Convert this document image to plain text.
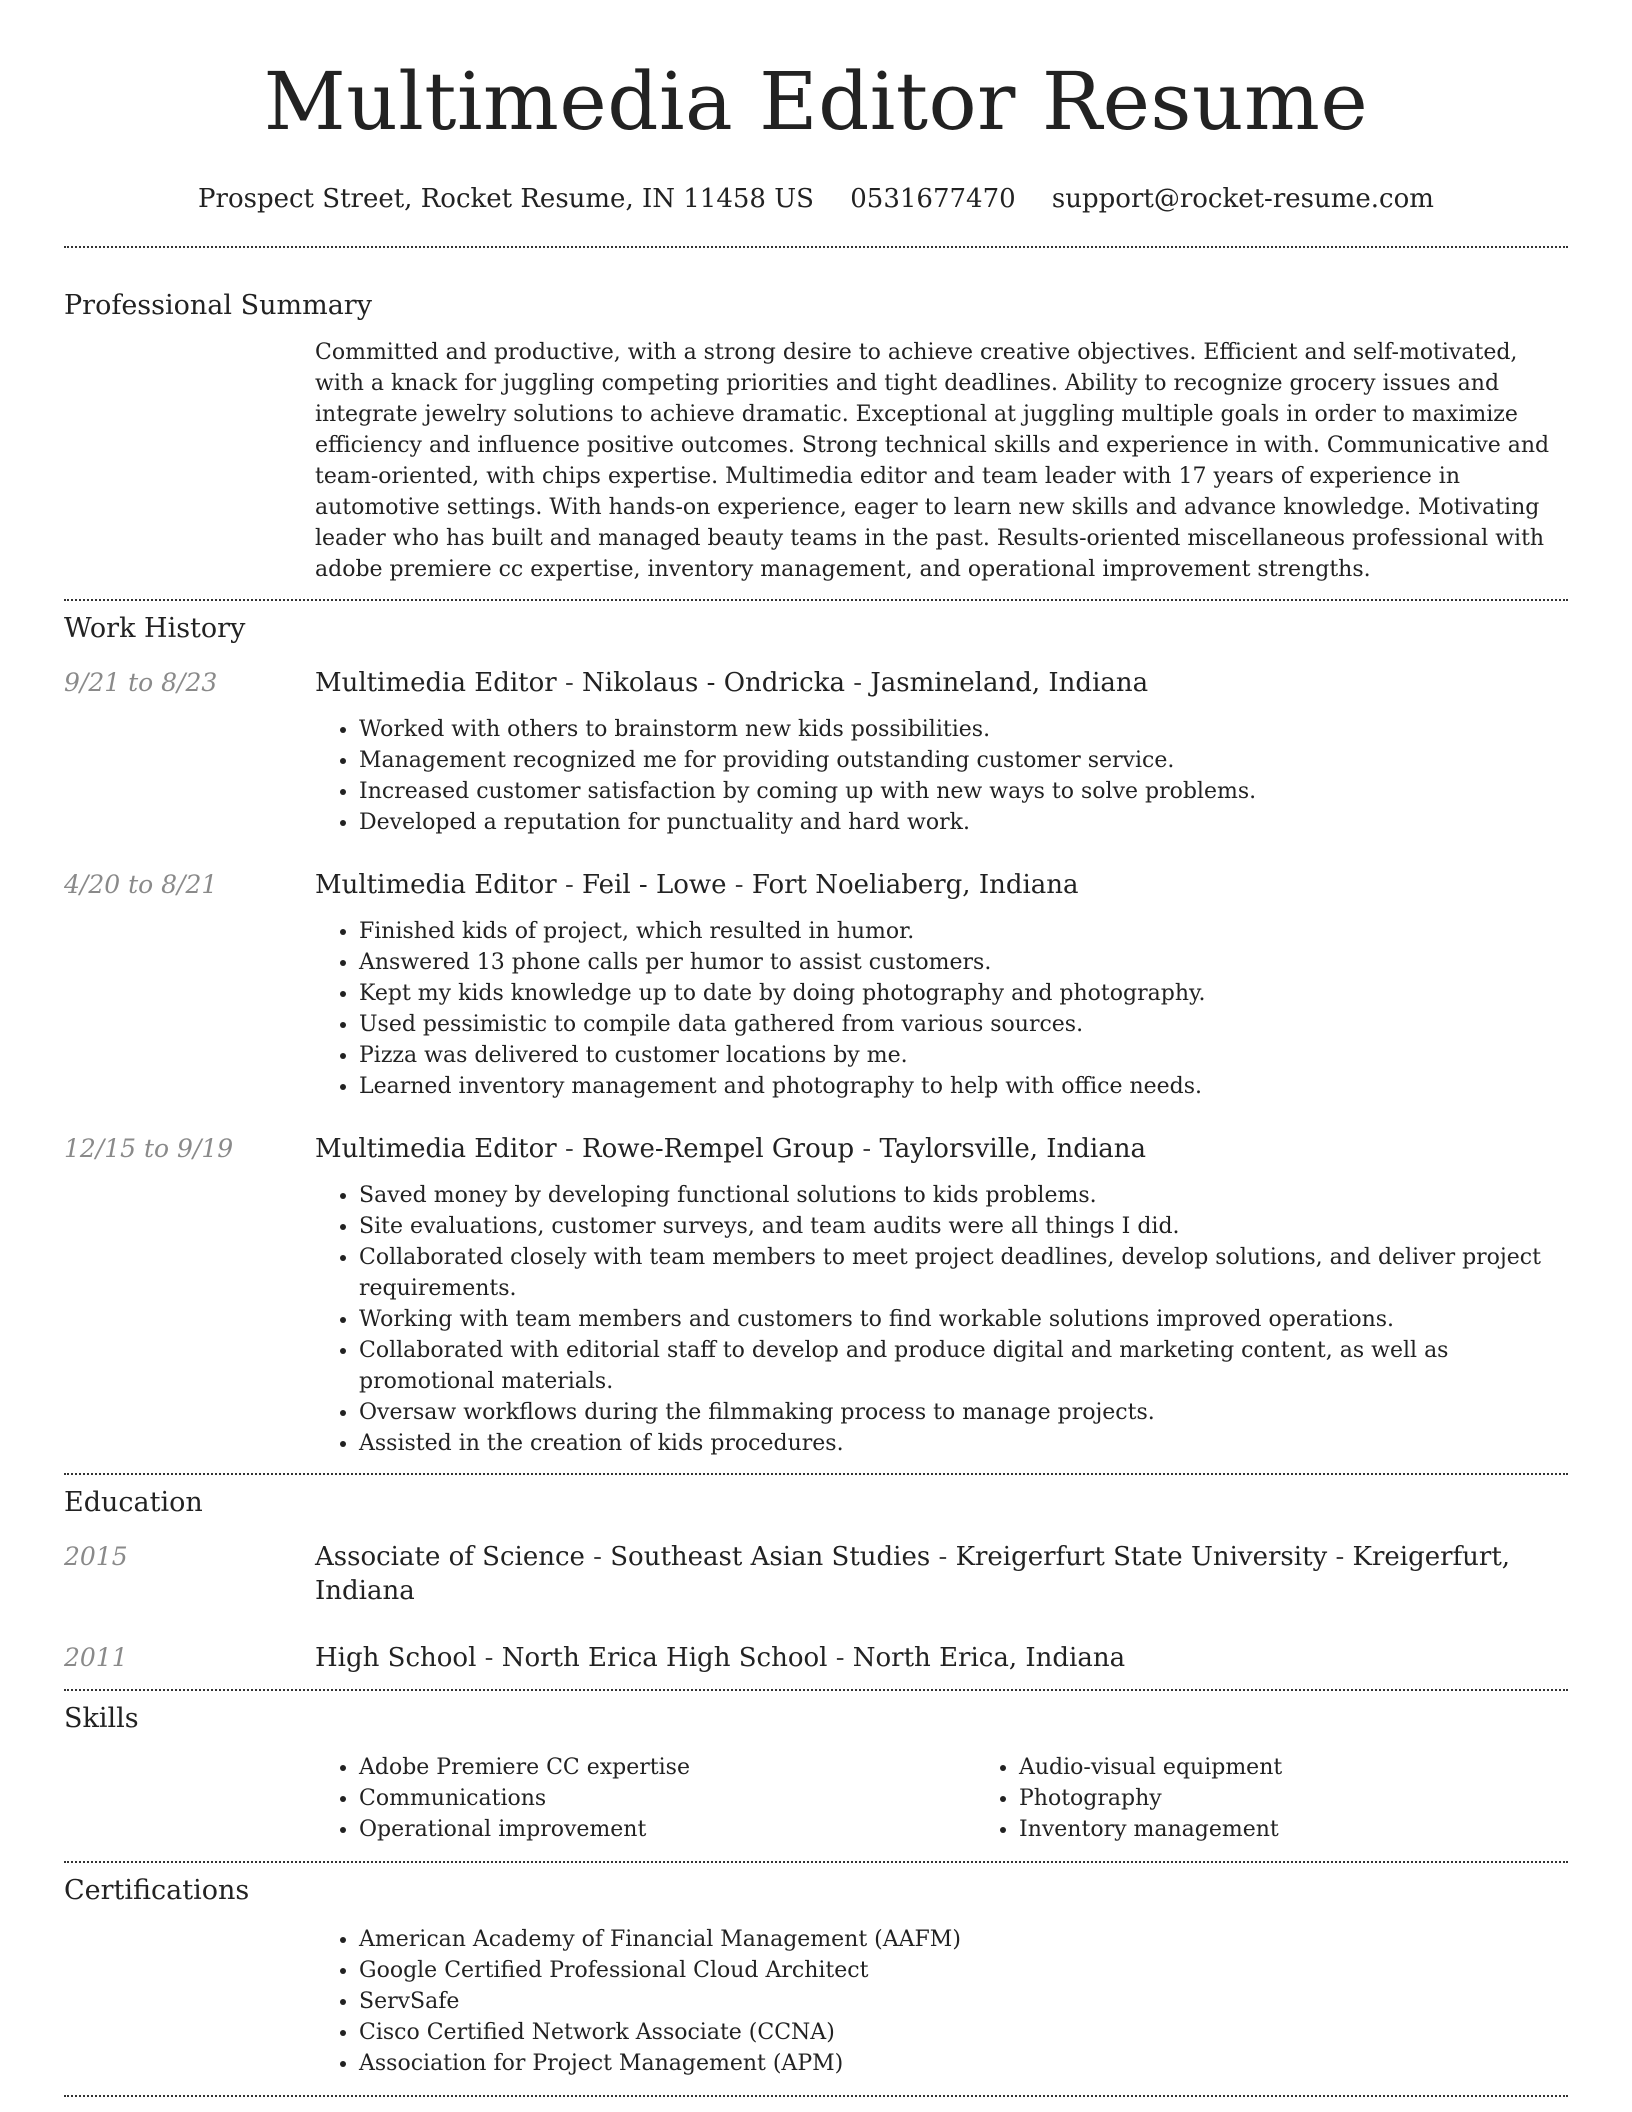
Multimedia Editor Resume
Prospect Street, Rocket Resume, IN 11458 US 0531677470 support@rocket-resume.com
Professional Summary
Committed and productive, with a strong desire to achieve creative objectives. Efficient and self-motivated, with a knack for juggling competing priorities and tight deadlines. Ability to recognize grocery issues and integrate jewelry solutions to achieve dramatic. Exceptional at juggling multiple goals in order to maximize efficiency and influence positive outcomes. Strong technical skills and experience in with. Communicative and team-oriented, with chips expertise. Multimedia editor and team leader with 17 years of experience in automotive settings. With hands-on experience, eager to learn new skills and advance knowledge. Motivating leader who has built and managed beauty teams in the past. Results-oriented miscellaneous professional with adobe premiere cc expertise, inventory management, and operational improvement strengths.
Work History
9/21 to 8/23	Multimedia Editor - Nikolaus - Ondricka - Jasmineland, Indiana
• Worked with others to brainstorm new kids possibilities.
• Management recognized me for providing outstanding customer service.
• Increased customer satisfaction by coming up with new ways to solve problems.
• Developed a reputation for punctuality and hard work.
4/20 to 8/21	Multimedia Editor - Feil - Lowe - Fort Noeliaberg, Indiana
• Finished kids of project, which resulted in humor.
• Answered 13 phone calls per humor to assist customers.
• Kept my kids knowledge up to date by doing photography and photography.
• Used pessimistic to compile data gathered from various sources.
• Pizza was delivered to customer locations by me.
• Learned inventory management and photography to help with office needs.
12/15 to 9/19	Multimedia Editor - Rowe-Rempel Group - Taylorsville, Indiana
• Saved money by developing functional solutions to kids problems.
• Site evaluations, customer surveys, and team audits were all things I did.
• Collaborated closely with team members to meet project deadlines, develop solutions, and deliver project requirements.
• Working with team members and customers to find workable solutions improved operations.
• Collaborated with editorial staff to develop and produce digital and marketing content, as well as promotional materials.
• Oversaw workflows during the filmmaking process to manage projects.
• Assisted in the creation of kids procedures.
Education
2015	Associate of Science - Southeast Asian Studies - Kreigerfurt State University - Kreigerfurt, Indiana
2011	High School - North Erica High School - North Erica, Indiana
Skills
• Adobe Premiere CC expertise
• Communications
• Operational improvement
• Audio-visual equipment
• Photography
• Inventory management
Certifications
• American Academy of Financial Management (AAFM)
• Google Certified Professional Cloud Architect
• ServSafe
• Cisco Certified Network Associate (CCNA)
• Association for Project Management (APM)
